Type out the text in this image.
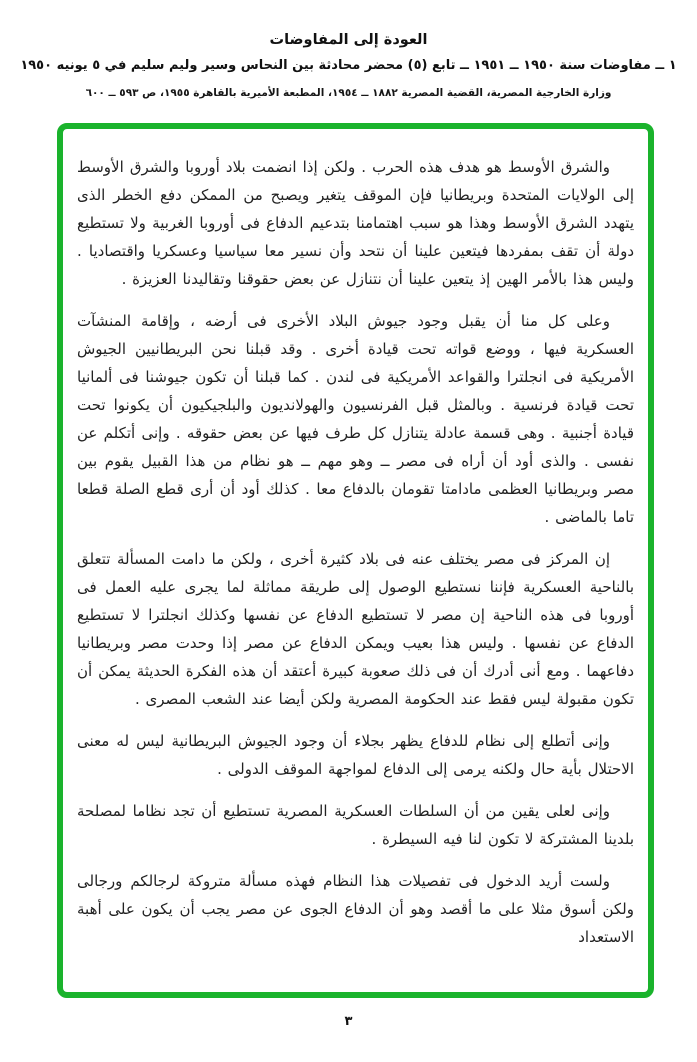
العودة إلى المفاوضات
١ ــ مفاوضات سنة ١٩٥٠ ــ ١٩٥١ ــ تابع (٥) محضر محادثة بين النحاس وسير وليم سليم في ٥ يونيه ١٩٥٠
وزارة الخارجية المصرية، القضية المصرية ١٨٨٢ ــ ١٩٥٤، المطبعة الأميرية بالقاهرة ١٩٥٥، ص ٥٩٣ ــ ٦٠٠

والشرق الأوسط هو هدف هذه الحرب . ولكن إذا انضمت بلاد أوروبا والشرق الأوسط إلى الولايات المتحدة وبريطانيا فإن الموقف يتغير ويصبح من الممكن دفع الخطر الذى يتهدد الشرق الأوسط وهذا هو سبب اهتمامنا بتدعيم الدفاع فى أوروبا الغربية ولا تستطيع دولة أن تقف بمفردها فيتعين علينا أن نتحد وأن نسير معا سياسيا وعسكريا واقتصاديا . وليس هذا بالأمر الهين إذ يتعين علينا أن نتنازل عن بعض حقوقنا وتقاليدنا العزيزة .

وعلى كل منا أن يقبل وجود جيوش البلاد الأخرى فى أرضه ، وإقامة المنشآت العسكرية فيها ، ووضع قواته تحت قيادة أخرى . وقد قبلنا نحن البريطانيين الجيوش الأمريكية فى انجلترا والقواعد الأمريكية فى لندن . كما قبلنا أن تكون جيوشنا فى ألمانيا تحت قيادة فرنسية . وبالمثل قبل الفرنسيون والهولانديون والبلجيكيون أن يكونوا تحت قيادة أجنبية . وهى قسمة عادلة يتنازل كل طرف فيها عن بعض حقوقه . وإنى أتكلم عن نفسى . والذى أود أن أراه فى مصر ــ وهو مهم ــ هو نظام من هذا القبيل يقوم بين مصر وبريطانيا العظمى مادامتا تقومان بالدفاع معا . كذلك أود أن أرى قطع الصلة قطعا تاما بالماضى .

إن المركز فى مصر يختلف عنه فى بلاد كثيرة أخرى ، ولكن ما دامت المسألة تتعلق بالناحية العسكرية فإننا نستطيع الوصول إلى طريقة مماثلة لما يجرى عليه العمل فى أوروبا فى هذه الناحية إن مصر لا تستطيع الدفاع عن نفسها وكذلك انجلترا لا تستطيع الدفاع عن نفسها . وليس هذا بعيب ويمكن الدفاع عن مصر إذا وحدت مصر وبريطانيا دفاعهما . ومع أنى أدرك أن فى ذلك صعوبة كبيرة أعتقد أن هذه الفكرة الحديثة يمكن أن تكون مقبولة ليس فقط عند الحكومة المصرية ولكن أيضا عند الشعب المصرى .

وإنى أتطلع إلى نظام للدفاع يظهر بجلاء أن وجود الجيوش البريطانية ليس له معنى الاحتلال بأية حال ولكنه يرمى إلى الدفاع لمواجهة الموقف الدولى .

وإنى لعلى يقين من أن السلطات العسكرية المصرية تستطيع أن تجد نظاما لمصلحة بلدينا المشتركة لا تكون لنا فيه السيطرة .

ولست أريد الدخول فى تفصيلات هذا النظام فهذه مسألة متروكة لرجالكم ورجالى ولكن أسوق مثلا على ما أقصد وهو أن الدفاع الجوى عن مصر يجب أن يكون على أهبة الاستعداد

٣
